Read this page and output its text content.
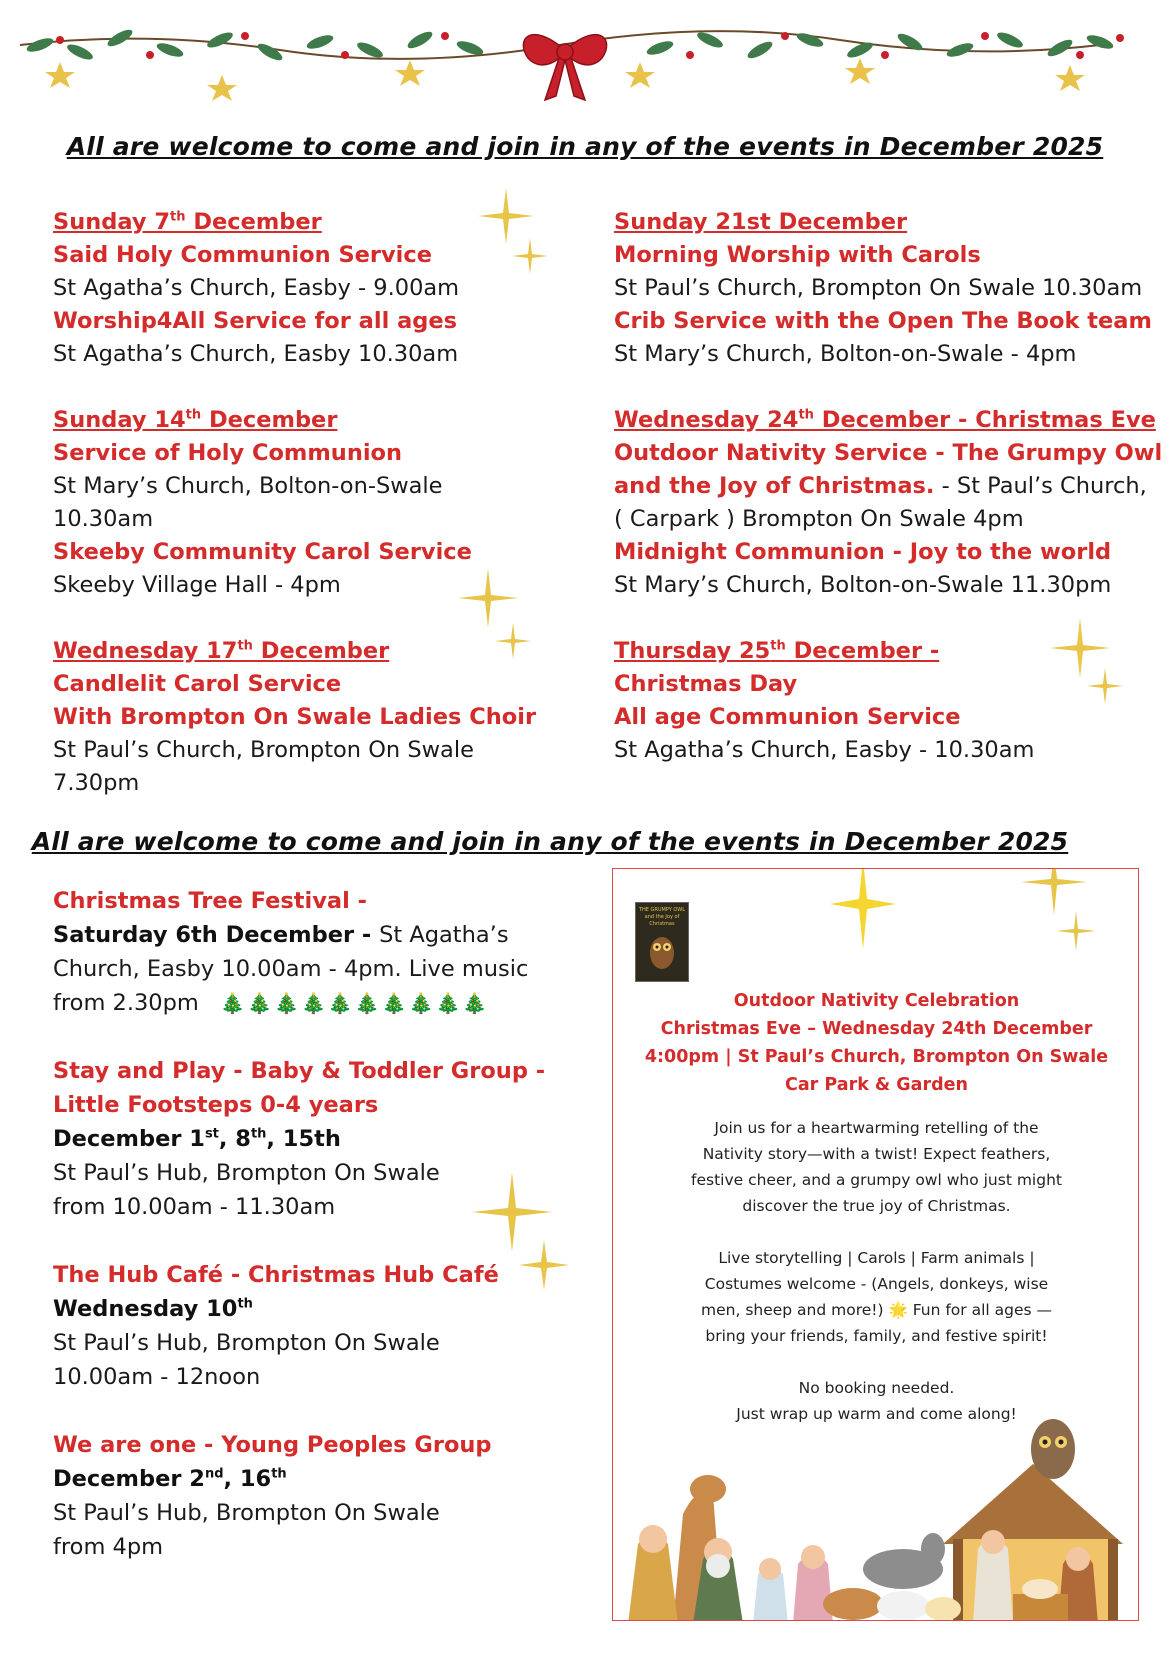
All are welcome to come and join in any of the events in December 2025
Sunday 7th December
Said Holy Communion Service
St Agatha’s Church, Easby - 9.00am
Worship4All Service for all ages
St Agatha’s Church, Easby 10.30am
Sunday 14th December
Service of Holy Communion
St Mary’s Church, Bolton-on-Swale
10.30am
Skeeby Community Carol Service
Skeeby Village Hall - 4pm
Wednesday 17th December
Candlelit Carol Service
With Brompton On Swale Ladies Choir
St Paul’s Church, Brompton On Swale
7.30pm
Sunday 21st December
Morning Worship with Carols
St Paul’s Church, Brompton On Swale 10.30am
Crib Service with the Open The Book team
St Mary’s Church, Bolton-on-Swale - 4pm
Wednesday 24th December - Christmas Eve
Outdoor Nativity Service - The Grumpy Owl
and the Joy of Christmas. - St Paul’s Church,
( Carpark ) Brompton On Swale 4pm
Midnight Communion - Joy to the world
St Mary’s Church, Bolton-on-Swale 11.30pm
Thursday 25th December -
Christmas Day
All age Communion Service
St Agatha’s Church, Easby - 10.30am
All are welcome to come and join in any of the events in December 2025
Christmas Tree Festival -
Saturday 6th December - St Agatha’s
Church, Easby 10.00am - 4pm. Live music
from 2.30pm 🎄🎄🎄🎄🎄🎄🎄🎄🎄🎄
Stay and Play - Baby & Toddler Group -
Little Footsteps 0-4 years
December 1st, 8th, 15th
St Paul’s Hub, Brompton On Swale
from 10.00am - 11.30am
The Hub Café - Christmas Hub Café
Wednesday 10th
St Paul’s Hub, Brompton On Swale
10.00am - 12noon
We are one - Young Peoples Group
December 2nd, 16th
St Paul’s Hub, Brompton On Swale
from 4pm
THE GRUMPY OWL and the Joy of Christmas
Outdoor Nativity Celebration
Christmas Eve – Wednesday 24th December
4:00pm | St Paul’s Church, Brompton On Swale
Car Park & Garden
Join us for a heartwarming retelling of the
Nativity story—with a twist! Expect feathers,
festive cheer, and a grumpy owl who just might
discover the true joy of Christmas.
Live storytelling | Carols | Farm animals |
Costumes welcome - (Angels, donkeys, wise
men, sheep and more!) 🌟 Fun for all ages —
bring your friends, family, and festive spirit!
No booking needed.
Just wrap up warm and come along!
